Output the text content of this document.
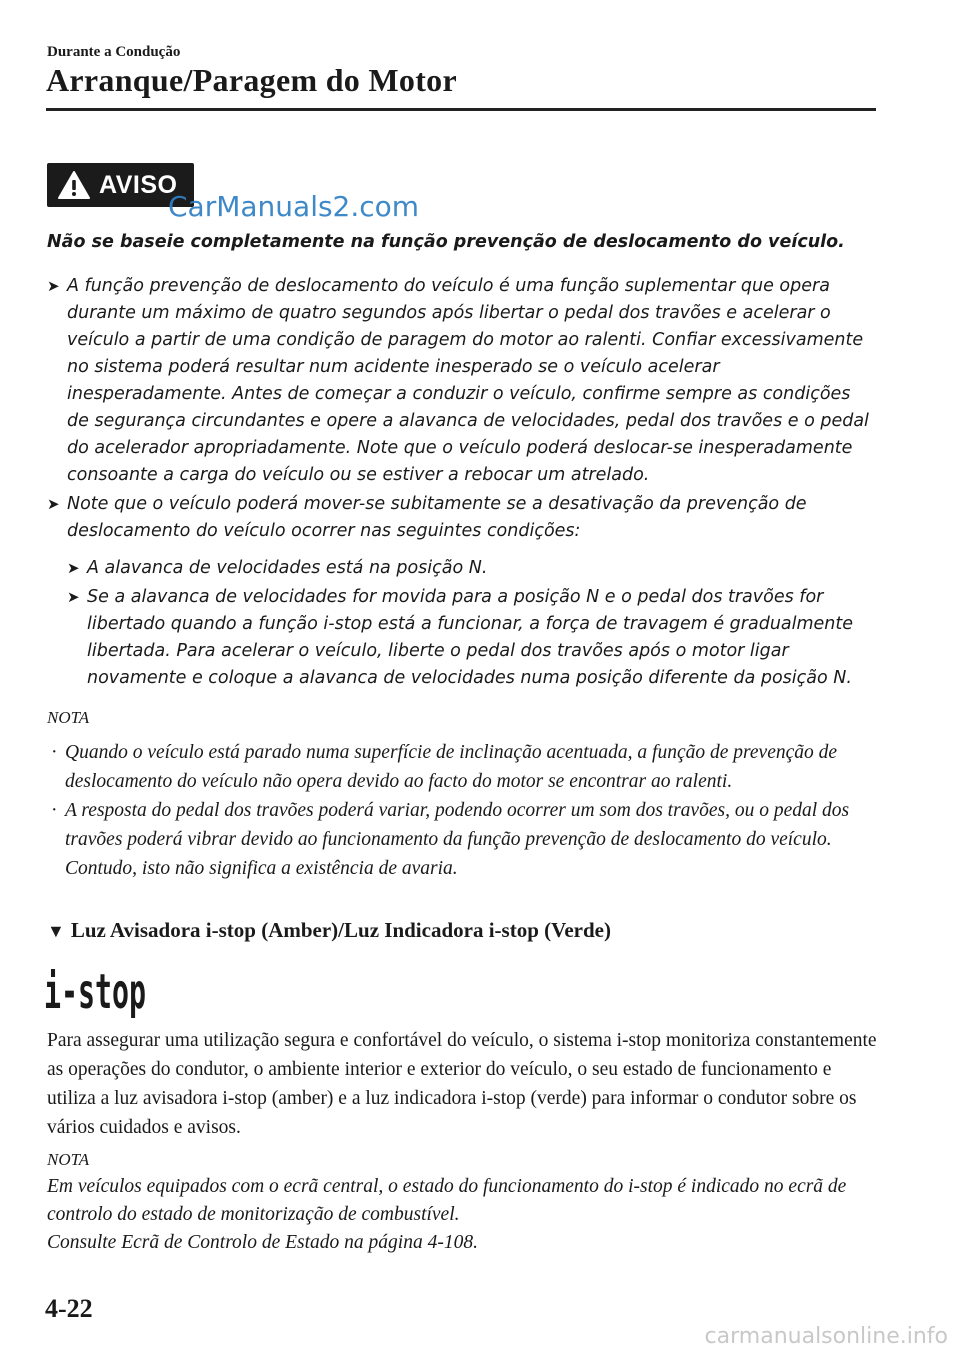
Durante a Condução
Arranque/Paragem do Motor
AVISO
CarManuals2.com
Não se baseie completamente na função prevenção de deslocamento do veículo.
➤ A função prevenção de deslocamento do veículo é uma função suplementar que opera durante um máximo de quatro segundos após libertar o pedal dos travões e acelerar o veículo a partir de uma condição de paragem do motor ao ralenti. Confiar excessivamente no sistema poderá resultar num acidente inesperado se o veículo acelerar inesperadamente. Antes de começar a conduzir o veículo, confirme sempre as condições de segurança circundantes e opere a alavanca de velocidades, pedal dos travões e o pedal do acelerador apropriadamente. Note que o veículo poderá deslocar-se inesperadamente consoante a carga do veículo ou se estiver a rebocar um atrelado.
➤ Note que o veículo poderá mover-se subitamente se a desativação da prevenção de deslocamento do veículo ocorrer nas seguintes condições:
➤ A alavanca de velocidades está na posição N.
➤ Se a alavanca de velocidades for movida para a posição N e o pedal dos travões for libertado quando a função i-stop está a funcionar, a força de travagem é gradualmente libertada. Para acelerar o veículo, liberte o pedal dos travões após o motor ligar novamente e coloque a alavanca de velocidades numa posição diferente da posição N.
NOTA
· Quando o veículo está parado numa superfície de inclinação acentuada, a função de prevenção de deslocamento do veículo não opera devido ao facto do motor se encontrar ao ralenti.
· A resposta do pedal dos travões poderá variar, podendo ocorrer um som dos travões, ou o pedal dos travões poderá vibrar devido ao funcionamento da função prevenção de deslocamento do veículo. Contudo, isto não significa a existência de avaria.
▼ Luz Avisadora i-stop (Amber)/Luz Indicadora i-stop (Verde)
i-stop
Para assegurar uma utilização segura e confortável do veículo, o sistema i-stop monitoriza constantemente as operações do condutor, o ambiente interior e exterior do veículo, o seu estado de funcionamento e utiliza a luz avisadora i-stop (amber) e a luz indicadora i-stop (verde) para informar o condutor sobre os vários cuidados e avisos.
NOTA
Em veículos equipados com o ecrã central, o estado do funcionamento do i-stop é indicado no ecrã de controlo do estado de monitorização de combustível.
Consulte Ecrã de Controlo de Estado na página 4-108.
4-22
carmanualsonline.info
